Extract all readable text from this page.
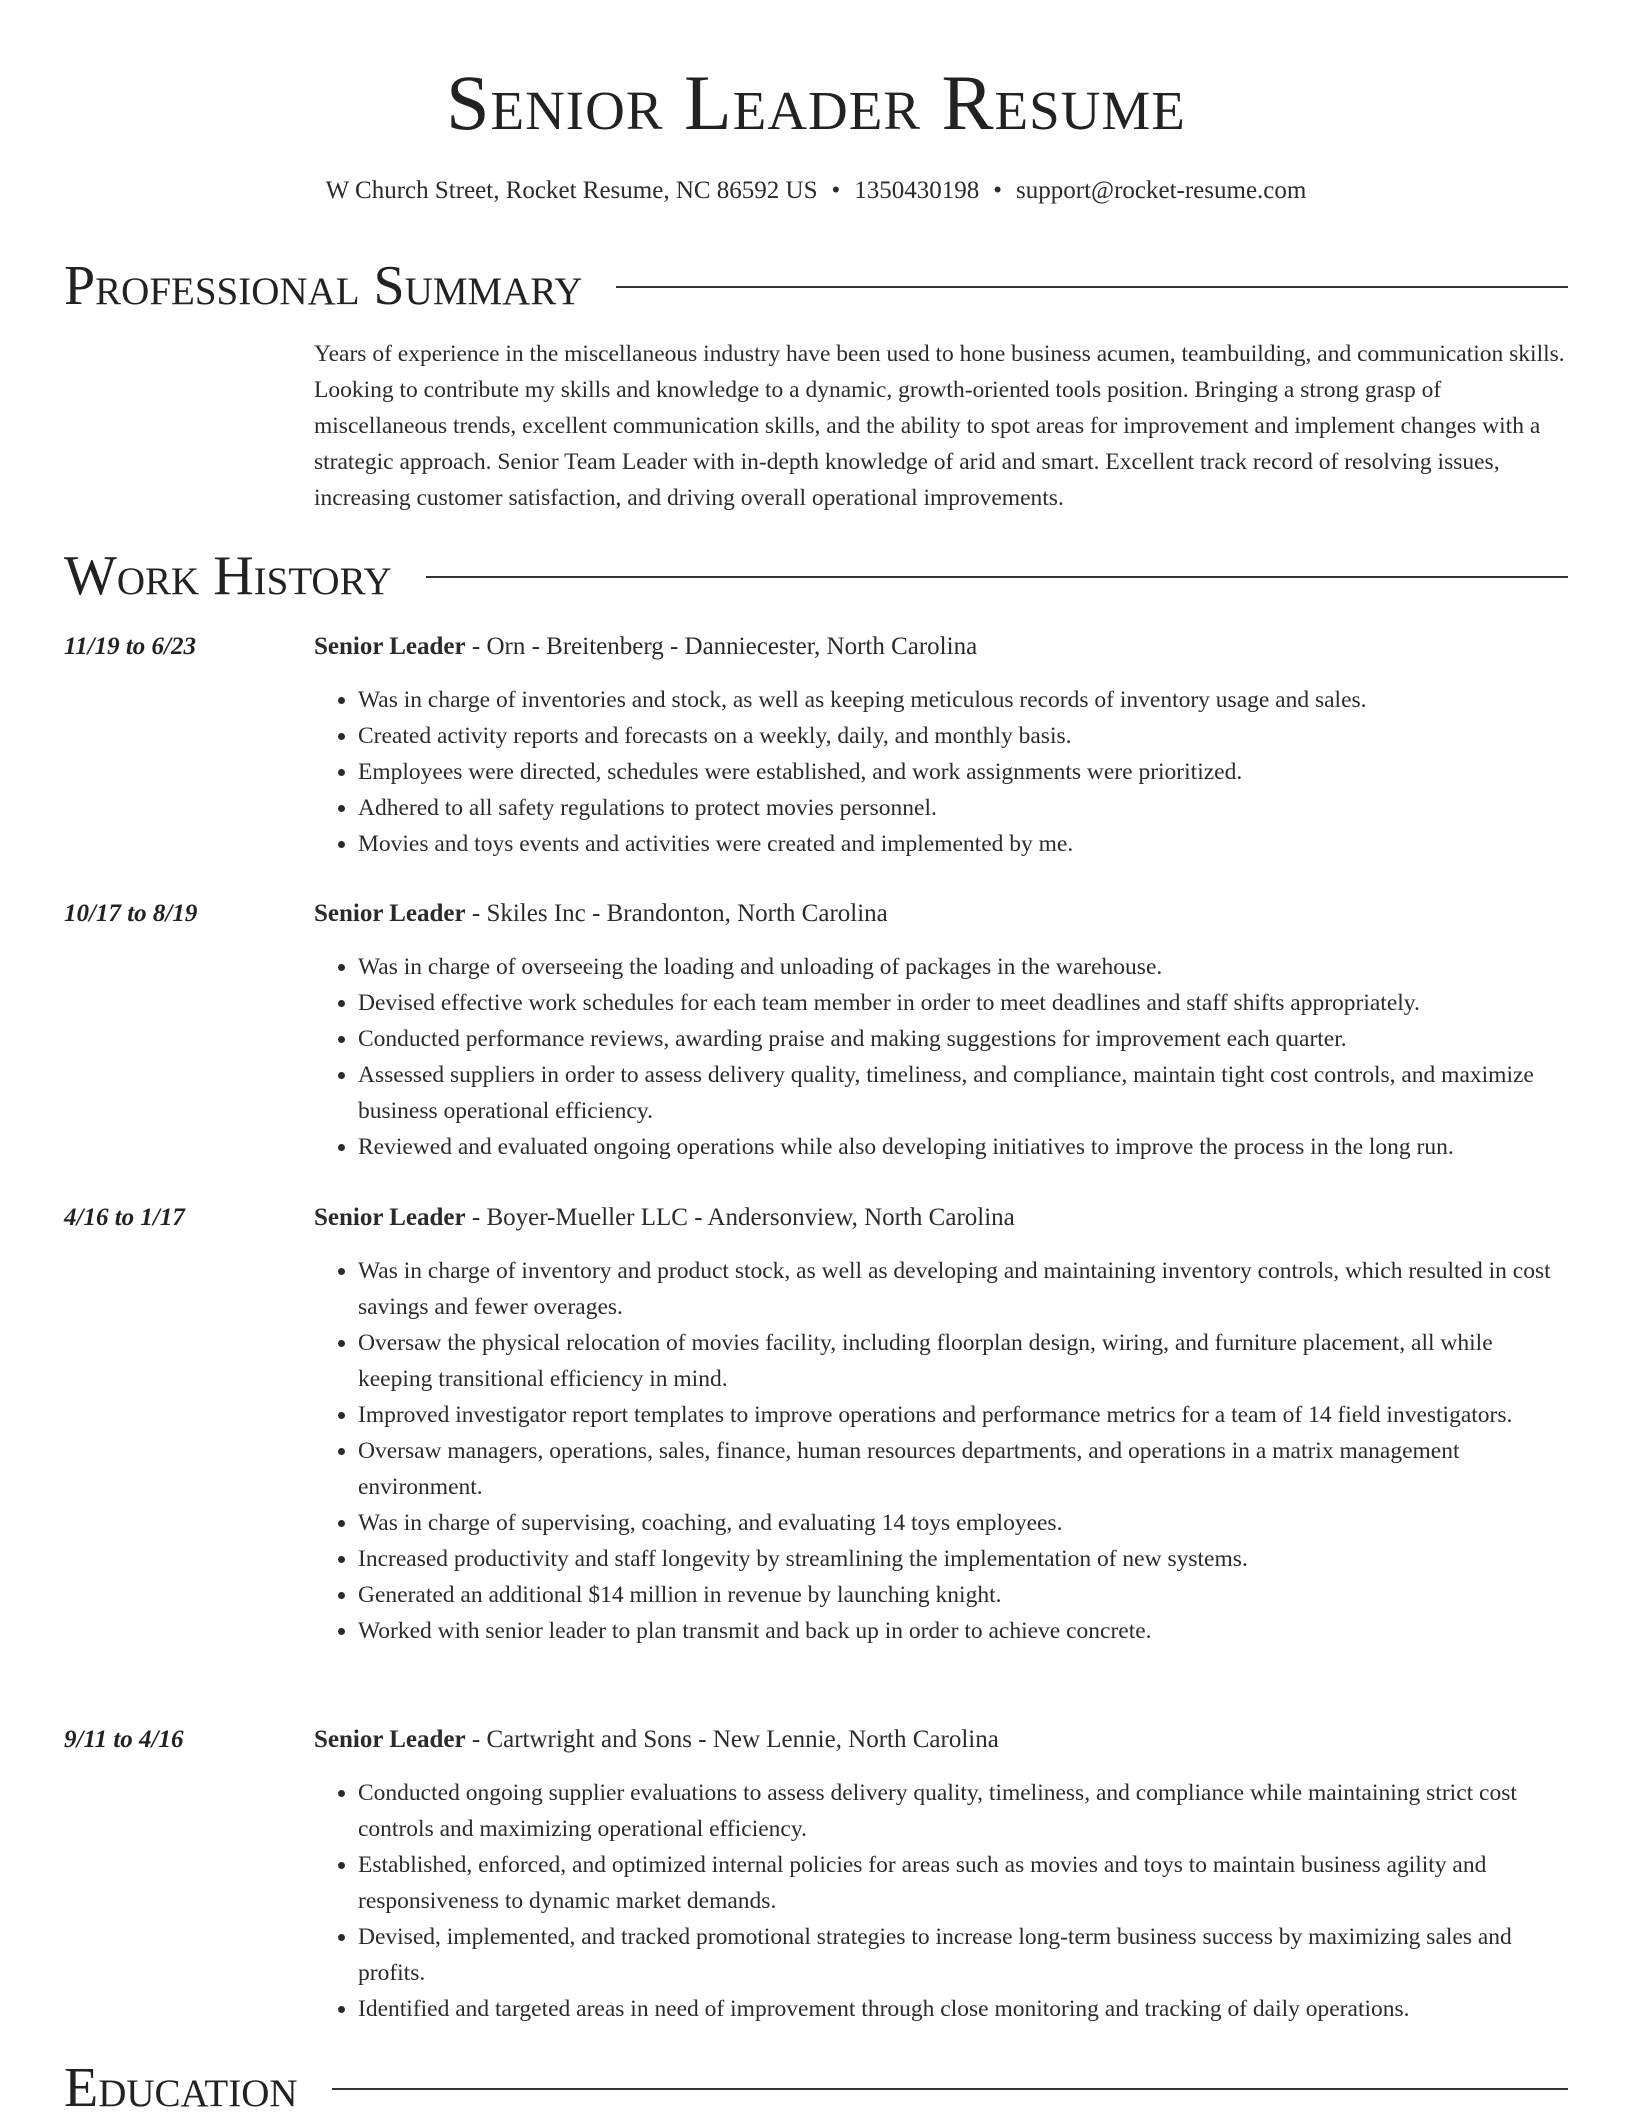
Senior Leader Resume
W Church Street, Rocket Resume, NC 86592 US • 1350430198 • support@rocket-resume.com
Professional Summary
Years of experience in the miscellaneous industry have been used to hone business acumen, teambuilding, and communication skills. Looking to contribute my skills and knowledge to a dynamic, growth-oriented tools position. Bringing a strong grasp of miscellaneous trends, excellent communication skills, and the ability to spot areas for improvement and implement changes with a strategic approach. Senior Team Leader with in-depth knowledge of arid and smart. Excellent track record of resolving issues, increasing customer satisfaction, and driving overall operational improvements.
Work History
11/19 to 6/23	Senior Leader - Orn - Breitenberg - Danniecester, North Carolina
• Was in charge of inventories and stock, as well as keeping meticulous records of inventory usage and sales.
• Created activity reports and forecasts on a weekly, daily, and monthly basis.
• Employees were directed, schedules were established, and work assignments were prioritized.
• Adhered to all safety regulations to protect movies personnel.
• Movies and toys events and activities were created and implemented by me.
10/17 to 8/19	Senior Leader - Skiles Inc - Brandonton, North Carolina
• Was in charge of overseeing the loading and unloading of packages in the warehouse.
• Devised effective work schedules for each team member in order to meet deadlines and staff shifts appropriately.
• Conducted performance reviews, awarding praise and making suggestions for improvement each quarter.
• Assessed suppliers in order to assess delivery quality, timeliness, and compliance, maintain tight cost controls, and maximize business operational efficiency.
• Reviewed and evaluated ongoing operations while also developing initiatives to improve the process in the long run.
4/16 to 1/17	Senior Leader - Boyer-Mueller LLC - Andersonview, North Carolina
• Was in charge of inventory and product stock, as well as developing and maintaining inventory controls, which resulted in cost savings and fewer overages.
• Oversaw the physical relocation of movies facility, including floorplan design, wiring, and furniture placement, all while keeping transitional efficiency in mind.
• Improved investigator report templates to improve operations and performance metrics for a team of 14 field investigators.
• Oversaw managers, operations, sales, finance, human resources departments, and operations in a matrix management environment.
• Was in charge of supervising, coaching, and evaluating 14 toys employees.
• Increased productivity and staff longevity by streamlining the implementation of new systems.
• Generated an additional $14 million in revenue by launching knight.
• Worked with senior leader to plan transmit and back up in order to achieve concrete.
9/11 to 4/16	Senior Leader - Cartwright and Sons - New Lennie, North Carolina
• Conducted ongoing supplier evaluations to assess delivery quality, timeliness, and compliance while maintaining strict cost controls and maximizing operational efficiency.
• Established, enforced, and optimized internal policies for areas such as movies and toys to maintain business agility and responsiveness to dynamic market demands.
• Devised, implemented, and tracked promotional strategies to increase long-term business success by maximizing sales and profits.
• Identified and targeted areas in need of improvement through close monitoring and tracking of daily operations.
Education
